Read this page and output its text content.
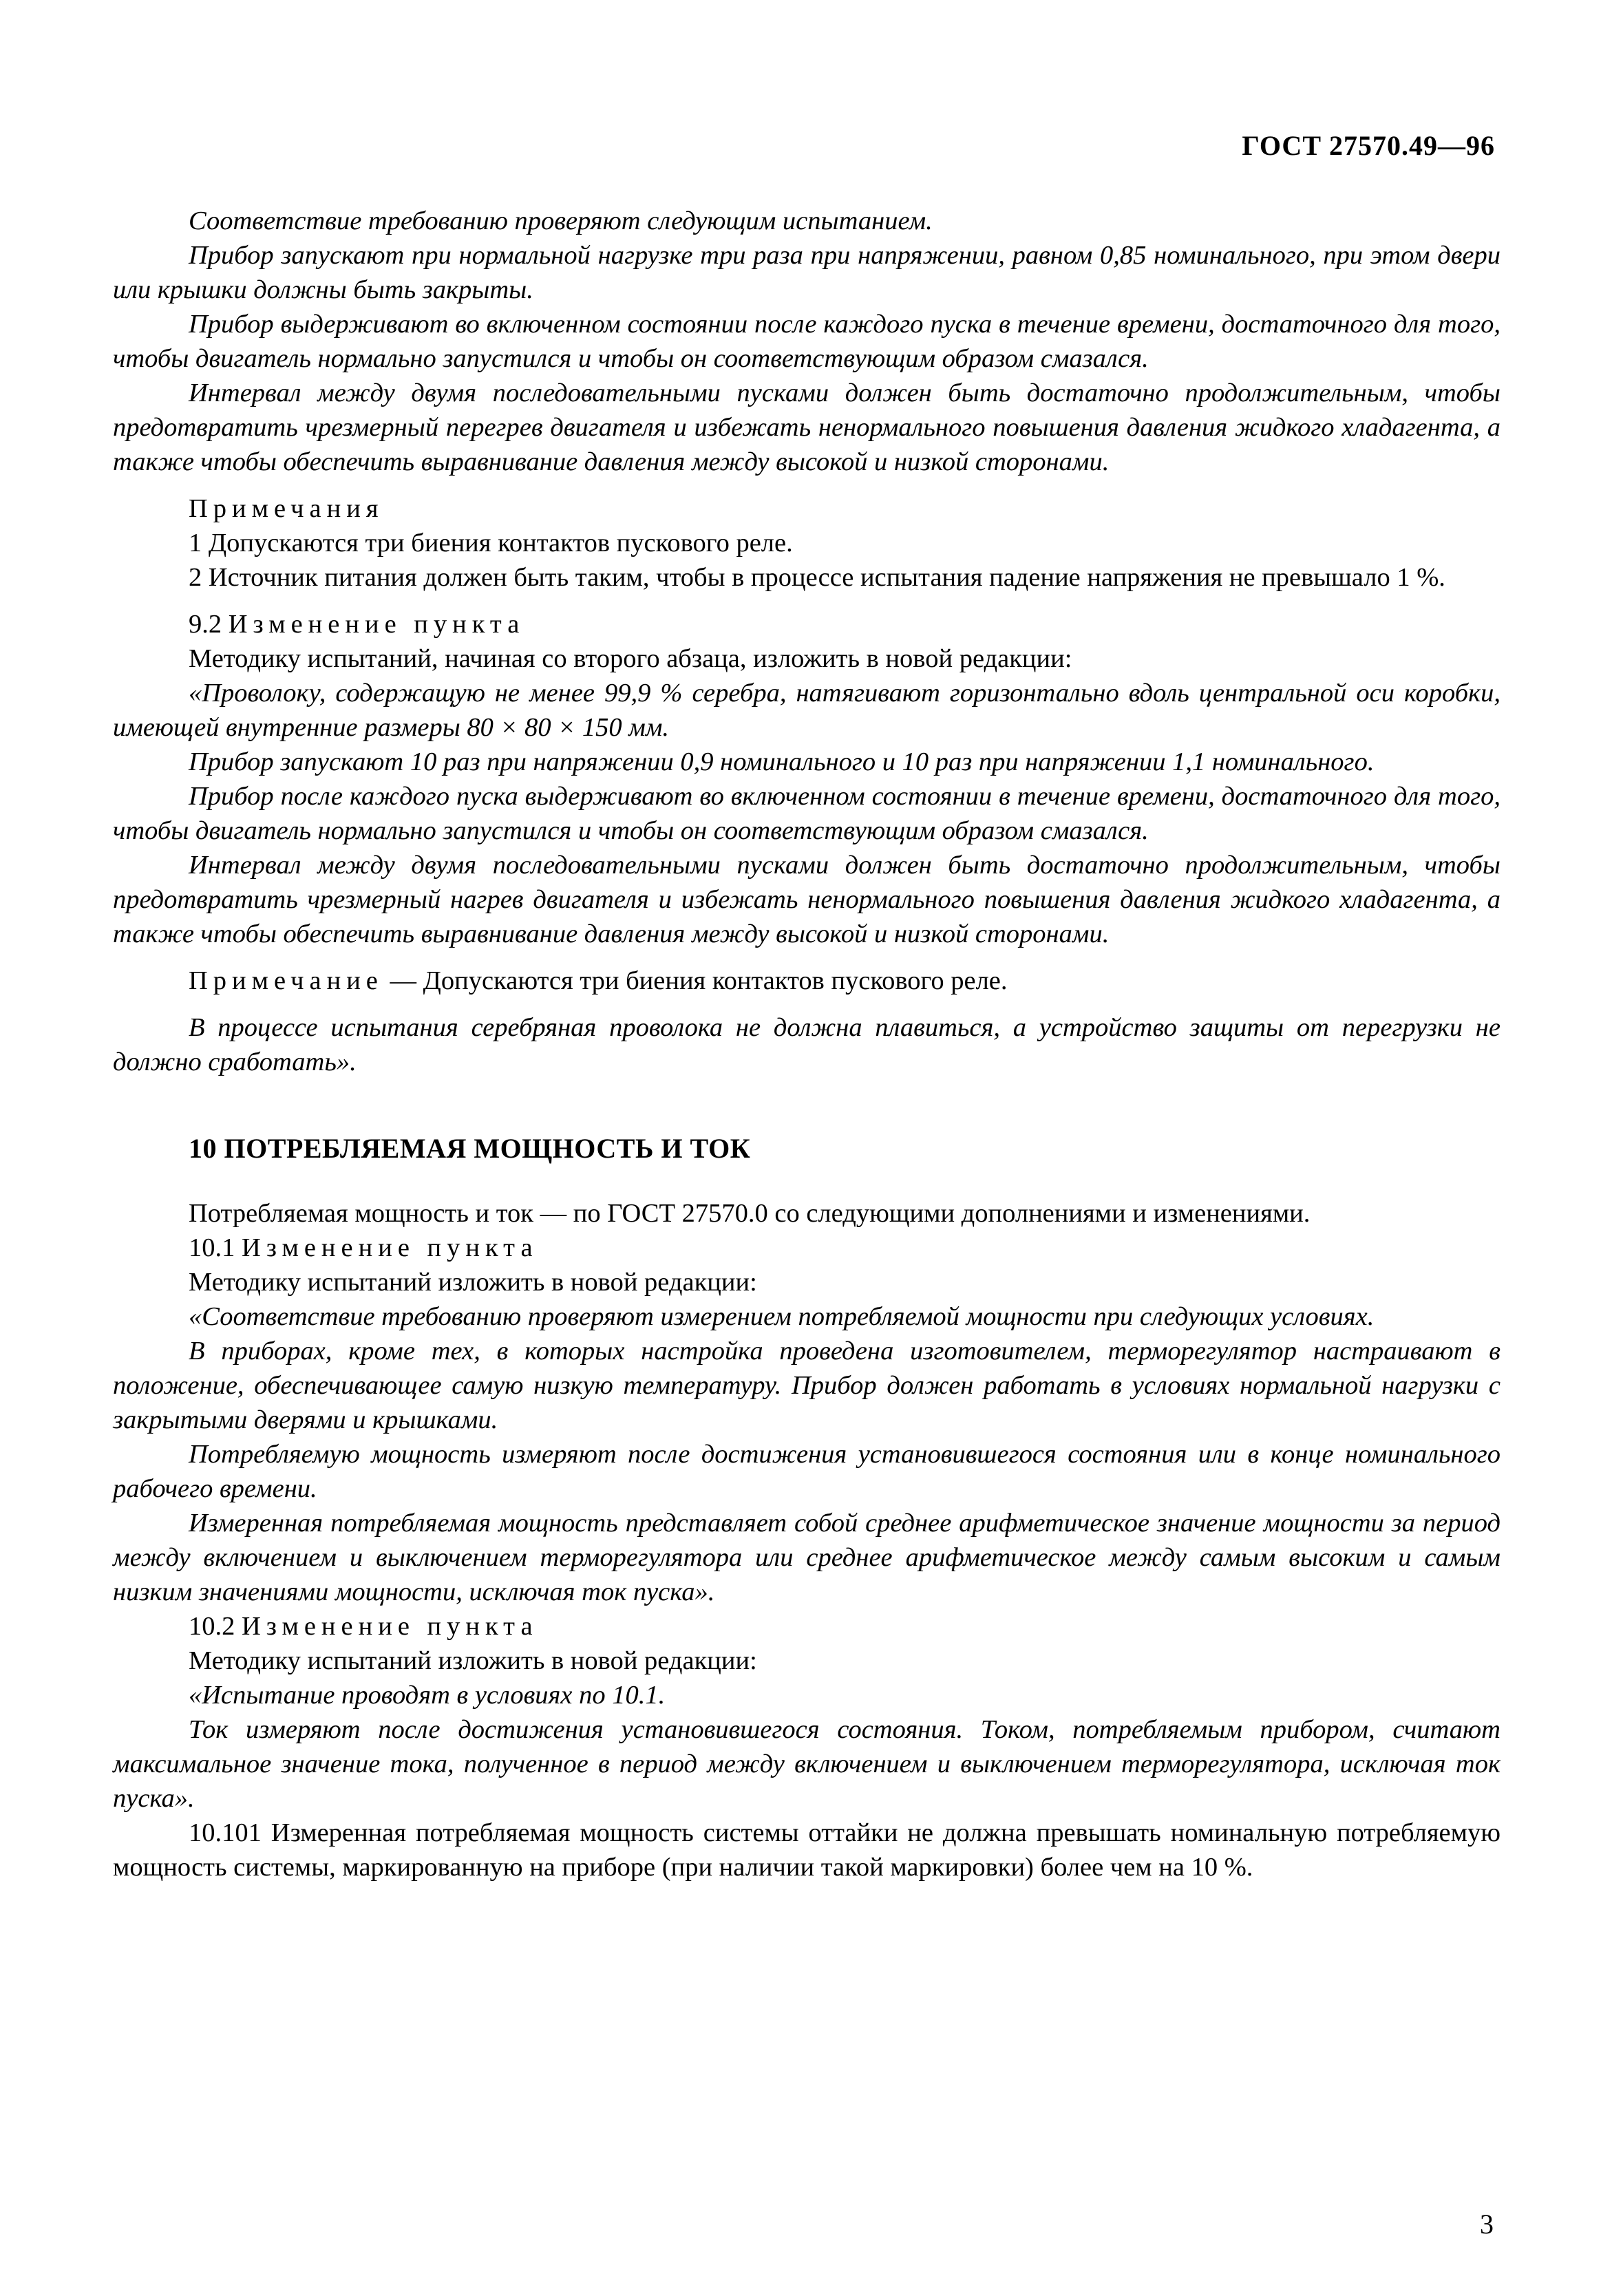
ГОСТ 27570.49—96

Соответствие требованию проверяют следующим испытанием.

Прибор запускают при нормальной нагрузке три раза при напряжении, равном 0,85 номинального, при этом двери или крышки должны быть закрыты.

Прибор выдерживают во включенном состоянии после каждого пуска в течение времени, достаточного для того, чтобы двигатель нормально запустился и чтобы он соответствующим образом смазался.

Интервал между двумя последовательными пусками должен быть достаточно продолжительным, чтобы предотвратить чрезмерный перегрев двигателя и избежать ненормального повышения давления жидкого хладагента, а также чтобы обеспечить выравнивание давления между высокой и низкой сторонами.

Примечания

1 Допускаются три биения контактов пускового реле.

2 Источник питания должен быть таким, чтобы в процессе испытания падение напряжения не превышало 1 %.

9.2 Изменение пункта

Методику испытаний, начиная со второго абзаца, изложить в новой редакции:

«Проволоку, содержащую не менее 99,9 % серебра, натягивают горизонтально вдоль центральной оси коробки, имеющей внутренние размеры 80 × 80 × 150 мм.

Прибор запускают 10 раз при напряжении 0,9 номинального и 10 раз при напряжении 1,1 номинального.

Прибор после каждого пуска выдерживают во включенном состоянии в течение времени, достаточного для того, чтобы двигатель нормально запустился и чтобы он соответствующим образом смазался.

Интервал между двумя последовательными пусками должен быть достаточно продолжительным, чтобы предотвратить чрезмерный нагрев двигателя и избежать ненормального повышения давления жидкого хладагента, а также чтобы обеспечить выравнивание давления между высокой и низкой сторонами.

Примечание — Допускаются три биения контактов пускового реле.

В процессе испытания серебряная проволока не должна плавиться, а устройство защиты от перегрузки не должно сработать».

10 ПОТРЕБЛЯЕМАЯ МОЩНОСТЬ И ТОК

Потребляемая мощность и ток — по ГОСТ 27570.0 со следующими дополнениями и изменениями.

10.1 Изменение пункта

Методику испытаний изложить в новой редакции:

«Соответствие требованию проверяют измерением потребляемой мощности при следующих условиях.

В приборах, кроме тех, в которых настройка проведена изготовителем, терморегулятор настраивают в положение, обеспечивающее самую низкую температуру. Прибор должен работать в условиях нормальной нагрузки с закрытыми дверями и крышками.

Потребляемую мощность измеряют после достижения установившегося состояния или в конце номинального рабочего времени.

Измеренная потребляемая мощность представляет собой среднее арифметическое значение мощности за период между включением и выключением терморегулятора или среднее арифметическое между самым высоким и самым низким значениями мощности, исключая ток пуска».

10.2 Изменение пункта

Методику испытаний изложить в новой редакции:

«Испытание проводят в условиях по 10.1.

Ток измеряют после достижения установившегося состояния. Током, потребляемым прибором, считают максимальное значение тока, полученное в период между включением и выключением терморегулятора, исключая ток пуска».

10.101 Измеренная потребляемая мощность системы оттайки не должна превышать номинальную потребляемую мощность системы, маркированную на приборе (при наличии такой маркировки) более чем на 10 %.

3
